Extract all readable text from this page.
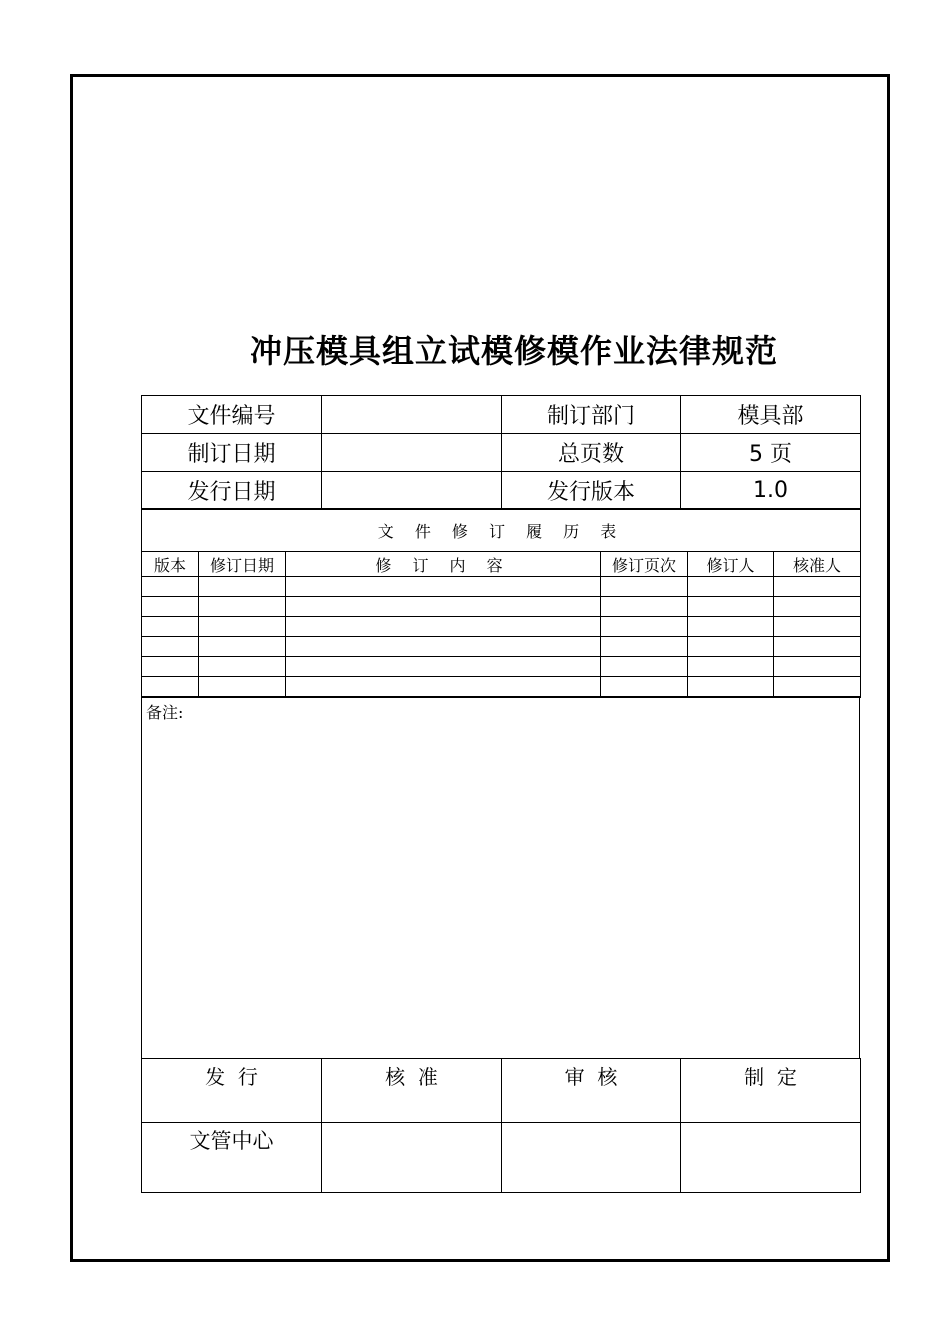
冲压模具组立试模修模作业法律规范
文件编号		制订部门	模具部
制订日期		总页数	5 页
发行日期		发行版本	1.0
文 件 修 订 履 历 表					
版本	修订日期	修 订 内 容	修订页次	修订人	核准人

备注:
发  行	核  准	审  核	制  定
文管中心			
